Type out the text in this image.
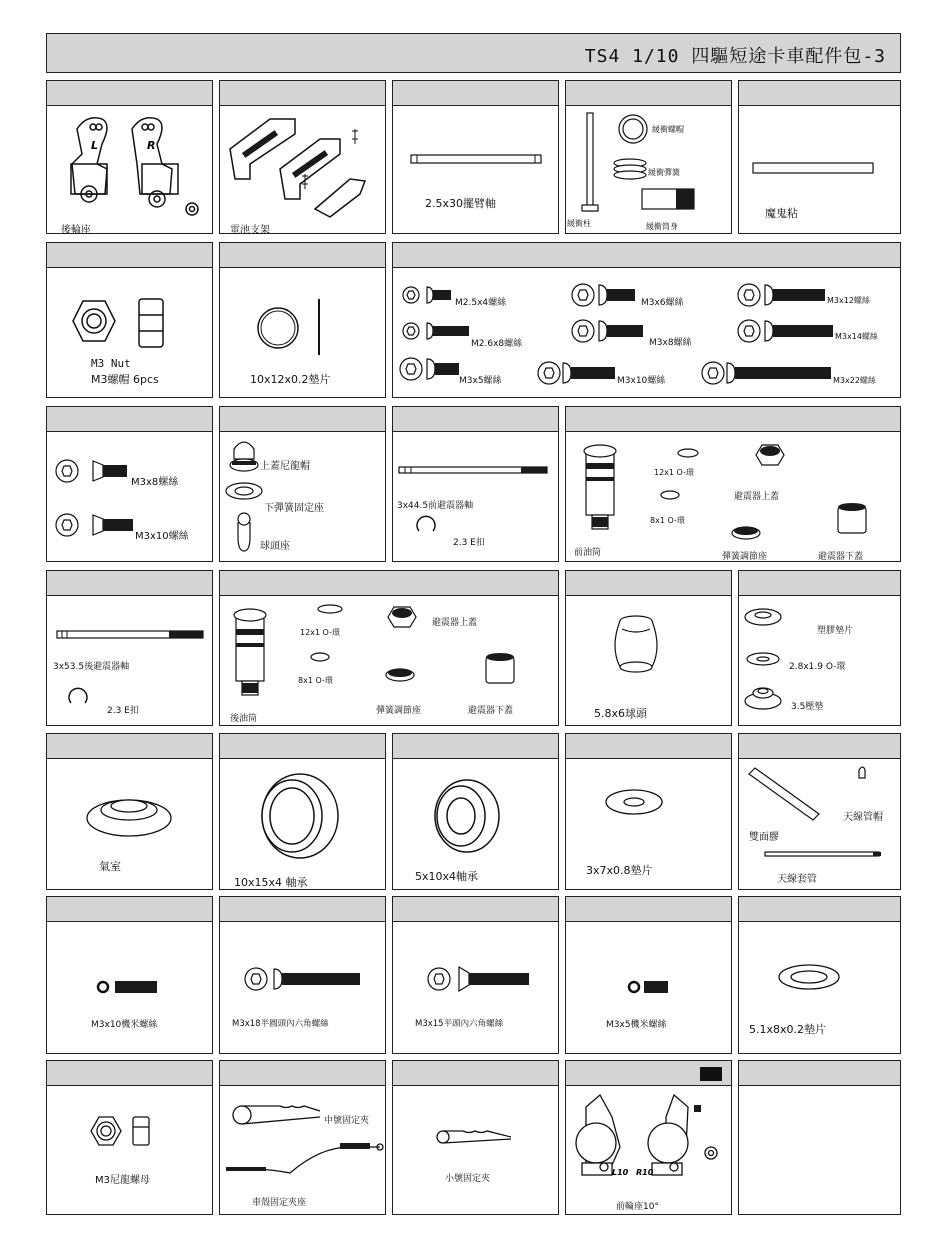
TS4 1/10 四驅短途卡車配件包-3
L	R
後輪座	電池支架
2.5x30擺臂軸
緩衝螺帽
緩衝彈簧
緩衝柱	緩衝筒身
魔鬼粘
M3 Nut
M3螺帽 6pcs	10x12x0.2墊片
M2.5x4螺絲	M3x6螺絲	M3x12螺絲
M2.6x8螺絲	M3x8螺絲
M3x14螺絲
M3x5螺絲	M3x10螺絲	M3x22螺絲
M3x8螺絲
M3x10螺絲
上蓋尼龍帽
下彈簧固定座
球頭座
3x44.5前避震器軸
2.3 E扣
12x1 O-環
8x1 O-環
避震器上蓋
前油筒	彈簧調節座	避震器下蓋
3x53.5後避震器軸
2.3 E扣
12x1 O-環
8x1 O-環
避震器上蓋
後油筒
彈簧調節座	避震器下蓋	5.8x6球頭
塑膠墊片
2.8x1.9 O-環
3.5壓墊
氣室
10x15x4 軸承	5x10x4軸承	3x7x0.8墊片
雙面膠
天線管帽
天線套管
M3x10機米螺絲	M3x18半圓頭內六角螺絲	M3x15平頭內六角螺絲	M3x5機米螺絲	5.1x8x0.2墊片
M3尼龍螺母
中號固定夾
車殼固定夾座
小號固定夾
L10 R10
前輪座10°
